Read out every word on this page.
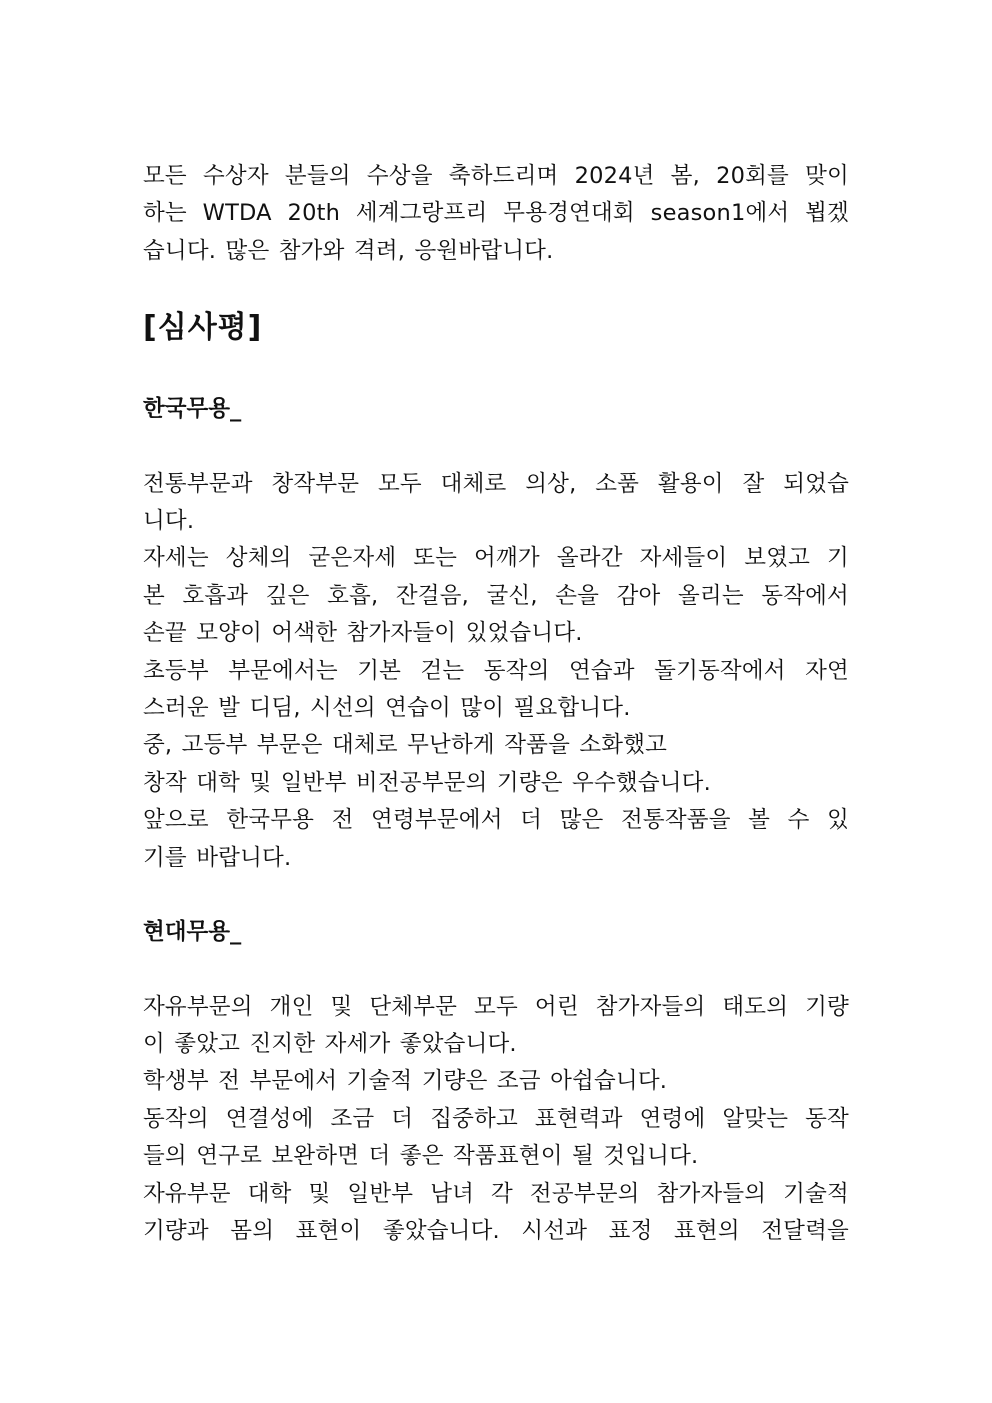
모든 수상자 분들의 수상을 축하드리며 2024년 봄, 20회를 맞이
하는 WTDA 20th 세계그랑프리 무용경연대회 season1에서 뵙겠
습니다. 많은 참가와 격려, 응원바랍니다.

[심사평]
한국무용_

전통부문과 창작부문 모두 대체로 의상, 소품 활용이 잘 되었습
니다.
자세는 상체의 굳은자세 또는 어깨가 올라간 자세들이 보였고 기
본 호흡과 깊은 호흡, 잔걸음, 굴신, 손을 감아 올리는 동작에서
손끝 모양이 어색한 참가자들이 있었습니다.
초등부 부문에서는 기본 걷는 동작의 연습과 돌기동작에서 자연
스러운 발 디딤, 시선의 연습이 많이 필요합니다.
중, 고등부 부문은 대체로 무난하게 작품을 소화했고
창작 대학 및 일반부 비전공부문의 기량은 우수했습니다.
앞으로 한국무용 전 연령부문에서 더 많은 전통작품을 볼 수 있
기를 바랍니다.

현대무용_

자유부문의 개인 및 단체부문 모두 어린 참가자들의 태도의 기량
이 좋았고 진지한 자세가 좋았습니다.
학생부 전 부문에서 기술적 기량은 조금 아쉽습니다.
동작의 연결성에 조금 더 집중하고 표현력과 연령에 알맞는 동작
들의 연구로 보완하면 더 좋은 작품표현이 될 것입니다.
자유부문 대학 및 일반부 남녀 각 전공부문의 참가자들의 기술적
기량과 몸의 표현이 좋았습니다. 시선과 표정 표현의 전달력을
